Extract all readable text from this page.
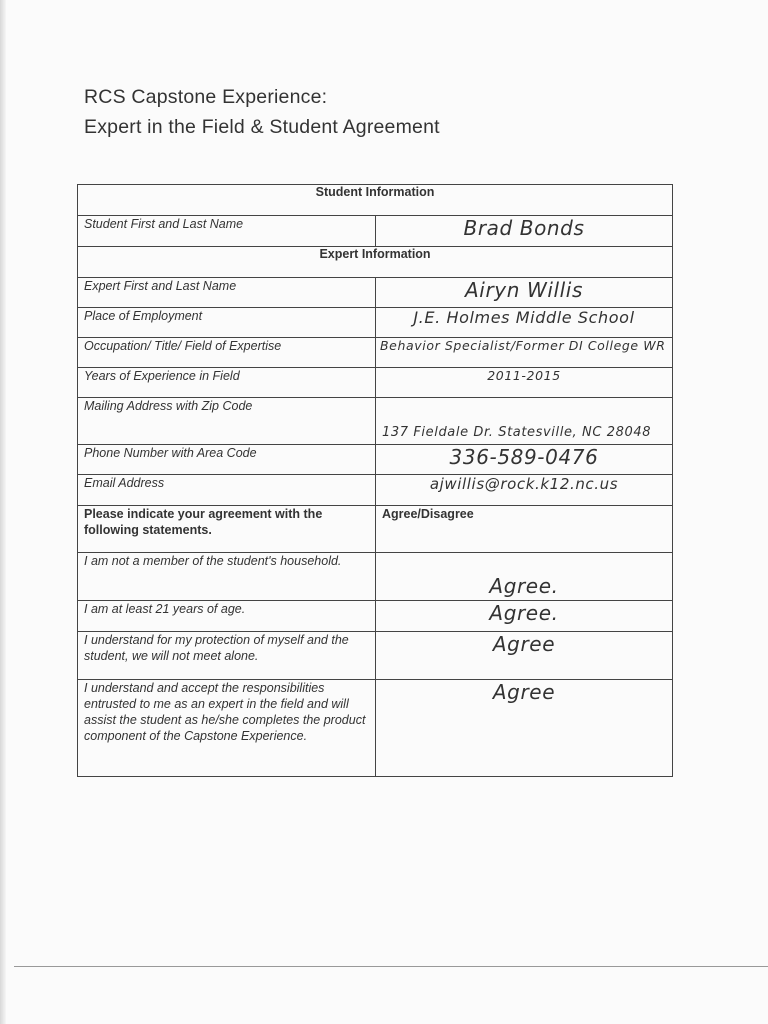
RCS Capstone Experience:
Expert in the Field & Student Agreement
Student Information	
Student First and Last Name	Brad Bonds
Expert Information	
Expert First and Last Name	Airyn Willis
Place of Employment	J.E. Holmes Middle School
Occupation/ Title/ Field of Expertise	Behavior Specialist/Former DI College WR
Years of Experience in Field	2011-2015
Mailing Address with Zip Code	137 Fieldale Dr. Statesville, NC 28048
Phone Number with Area Code	336-589-0476
Email Address	ajwillis@rock.k12.nc.us
Please indicate your agreement with the following statements.	Agree/Disagree
I am not a member of the student's household.	Agree.
I am at least 21 years of age.	Agree.
I understand for my protection of myself and the student, we will not meet alone.	Agree
I understand and accept the responsibilities entrusted to me as an expert in the field and will assist the student as he/she completes the product component of the Capstone Experience.	Agree
